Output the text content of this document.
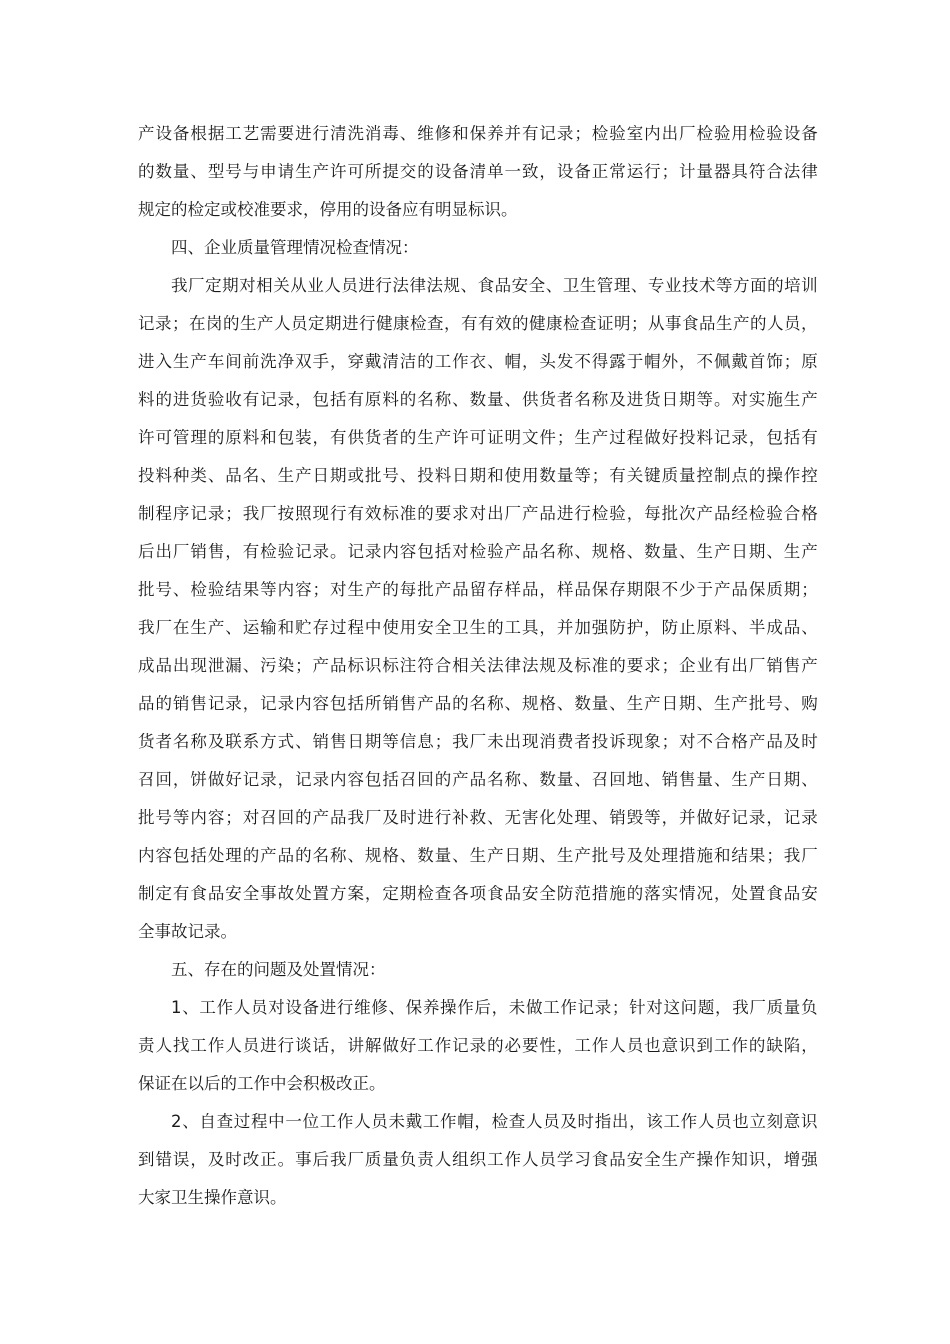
产 设 备 根 据 工 艺 需 要 进 行 清 洗 消 毒 、 维 修 和 保 养 并 有 记 录 ； 检 验 室 内 出 厂 检 验 用 检 验 设 备
的 数 量 、 型 号 与 申 请 生 产 许 可 所 提 交 的 设 备 清 单 一 致 ， 设 备 正 常 运 行 ； 计 量 器 具 符 合 法 律
规定的检定或校准要求，停用的设备应有明显标识。
四、企业质量管理情况检查情况：
我 厂 定 期 对 相 关 从 业 人 员 进 行 法 律 法 规 、 食 品 安 全 、 卫 生 管 理 、 专 业 技 术 等 方 面 的 培 训
记 录 ； 在 岗 的 生 产 人 员 定 期 进 行 健 康 检 查 ， 有 有 效 的 健 康 检 查 证 明 ； 从 事 食 品 生 产 的 人 员 ，
进 入 生 产 车 间 前 洗 净 双 手 ， 穿 戴 清 洁 的 工 作 衣 、 帽 ， 头 发 不 得 露 于 帽 外 ， 不 佩 戴 首 饰 ； 原
料 的 进 货 验 收 有 记 录 ， 包 括 有 原 料 的 名 称 、 数 量 、 供 货 者 名 称 及 进 货 日 期 等 。 对 实 施 生 产
许 可 管 理 的 原 料 和 包 装 ， 有 供 货 者 的 生 产 许 可 证 明 文 件 ； 生 产 过 程 做 好 投 料 记 录 ， 包 括 有
投 料 种 类 、 品 名 、 生 产 日 期 或 批 号 、 投 料 日 期 和 使 用 数 量 等 ； 有 关 键 质 量 控 制 点 的 操 作 控
制 程 序 记 录 ； 我 厂 按 照 现 行 有 效 标 准 的 要 求 对 出 厂 产 品 进 行 检 验 ， 每 批 次 产 品 经 检 验 合 格
后 出 厂 销 售 ， 有 检 验 记 录 。 记 录 内 容 包 括 对 检 验 产 品 名 称 、 规 格 、 数 量 、 生 产 日 期 、 生 产
批 号 、 检 验 结 果 等 内 容 ； 对 生 产 的 每 批 产 品 留 存 样 品 ， 样 品 保 存 期 限 不 少 于 产 品 保 质 期 ；
我 厂 在 生 产 、 运 输 和 贮 存 过 程 中 使 用 安 全 卫 生 的 工 具 ， 并 加 强 防 护 ， 防 止 原 料 、 半 成 品 、
成 品 出 现 泄 漏 、 污 染 ； 产 品 标 识 标 注 符 合 相 关 法 律 法 规 及 标 准 的 要 求 ； 企 业 有 出 厂 销 售 产
品 的 销 售 记 录 ， 记 录 内 容 包 括 所 销 售 产 品 的 名 称 、 规 格 、 数 量 、 生 产 日 期 、 生 产 批 号 、 购
货 者 名 称 及 联 系 方 式 、 销 售 日 期 等 信 息 ； 我 厂 未 出 现 消 费 者 投 诉 现 象 ； 对 不 合 格 产 品 及 时
召 回 ， 饼 做 好 记 录 ， 记 录 内 容 包 括 召 回 的 产 品 名 称 、 数 量 、 召 回 地 、 销 售 量 、 生 产 日 期 、
批 号 等 内 容 ； 对 召 回 的 产 品 我 厂 及 时 进 行 补 救 、 无 害 化 处 理 、 销 毁 等 ， 并 做 好 记 录 ， 记 录
内 容 包 括 处 理 的 产 品 的 名 称 、 规 格 、 数 量 、 生 产 日 期 、 生 产 批 号 及 处 理 措 施 和 结 果 ； 我 厂
制 定 有 食 品 安 全 事 故 处 置 方 案 ， 定 期 检 查 各 项 食 品 安 全 防 范 措 施 的 落 实 情 况 ， 处 置 食 品 安
全事故记录。
五、存在的问题及处置情况：
1 、 工 作 人 员 对 设 备 进 行 维 修 、 保 养 操 作 后 ， 未 做 工 作 记 录 ； 针 对 这 问 题 ， 我 厂 质 量 负
责 人 找 工 作 人 员 进 行 谈 话 ， 讲 解 做 好 工 作 记 录 的 必 要 性 ， 工 作 人 员 也 意 识 到 工 作 的 缺 陷 ，
保证在以后的工作中会积极改正。
2 、 自 查 过 程 中 一 位 工 作 人 员 未 戴 工 作 帽 ， 检 查 人 员 及 时 指 出 ， 该 工 作 人 员 也 立 刻 意 识
到 错 误 ， 及 时 改 正 。 事 后 我 厂 质 量 负 责 人 组 织 工 作 人 员 学 习 食 品 安 全 生 产 操 作 知 识 ， 增 强
大家卫生操作意识。
